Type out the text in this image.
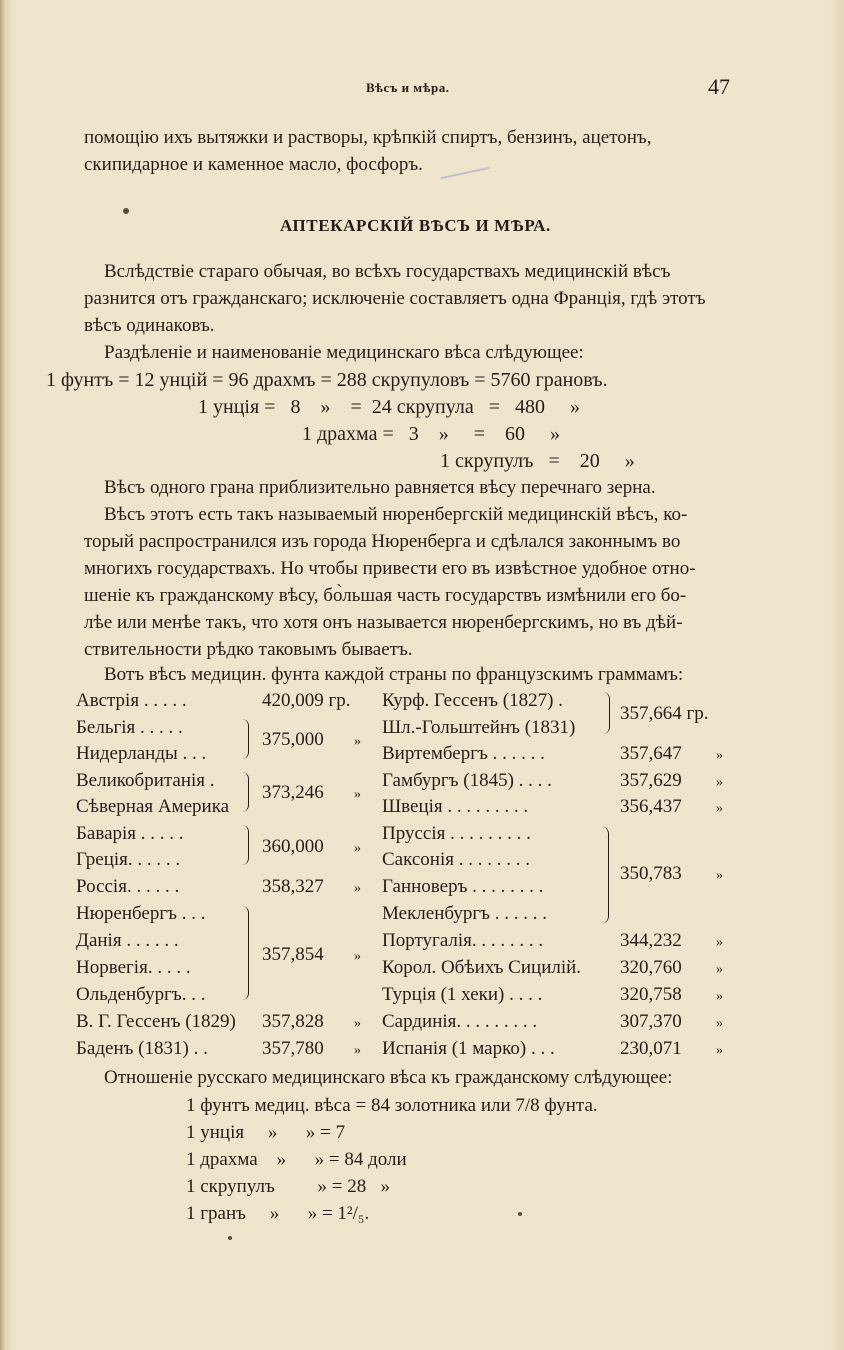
Вѣсъ и мѣра.	47
помощію ихъ вытяжки и растворы, крѣпкій спиртъ, бензинъ, ацетонъ,
скипидарное и каменное масло, фосфоръ.
АПТЕКАРСКІЙ ВѢСЪ И МѢРА.
Вслѣдствіе стараго обычая, во всѣхъ государствахъ медицинскій вѣсъ
разнится отъ гражданскаго; исключеніе составляетъ одна Франція, гдѣ этотъ
вѣсъ одинаковъ.
Раздѣленіе и наименованіе медицинскаго вѣса слѣдующее:
1 фунтъ = 12 унцій = 96 драхмъ = 288 скрупуловъ = 5760 грановъ.
1 унція =   8    »    =  24 скрупула   =   480     »
1 драхма =   3    »     =    60     »
1 скрупулъ   =    20     »
Вѣсъ одного грана приблизительно равняется вѣсу перечнаго зерна.
Вѣсъ этотъ есть такъ называемый нюренбергскій медицинскій вѣсъ, ко-
торый распространился изъ города Нюренберга и сдѣлался законнымъ во
многихъ государствахъ. Но чтобы привести его въ извѣстное удобное отно-
шеніе къ гражданскому вѣсу, бо̀льшая часть государствъ измѣнили его бо-
лѣе или менѣе такъ, что хотя онъ называется нюренбергскимъ, но въ дѣй-
ствительности рѣдко таковымъ бываетъ.
Вотъ вѣсъ медицин. фунта каждой страны по французскимъ граммамъ:
Австрія . . . . .
Бельгія . . . . .
Нидерланды . . .
Великобританія .
Сѣверная Америка
Баварія . . . . .
Греція. . . . . .
Россія. . . . . .
Нюренбергъ . . .
Данія . . . . . .
Норвегія. . . . .
Ольденбургъ. . .
В. Г. Гессенъ (1829)
Баденъ (1831) . .
420,009 гр.
375,000
373,246
360,000
358,327
357,854
357,828
357,780
»
»
»
»
»
»
»
Курф. Гессенъ (1827) .
Шл.-Гольштейнъ (1831)
Виртембергъ . . . . . .
Гамбургъ (1845) . . . .
Швеція . . . . . . . . .
Пруссія . . . . . . . . .
Саксонія . . . . . . . .
Ганноверъ . . . . . . . .
Мекленбургъ . . . . . .
Португалія. . . . . . . .
Корол. Обѣихъ Сицилій.
Турція (1 хеки) . . . .
Сардинія. . . . . . . . .
Испанія (1 марко) . . .
357,664 гр.
357,647
357,629
356,437
350,783
344,232
320,760
320,758
307,370
230,071
»
»
»
»
»
»
»
»
»
Отношеніе русскаго медицинскаго вѣса къ гражданскому слѣдующее:
1 фунтъ медиц. вѣса = 84 золотника или 7/8 фунта.
1 унція     »      » = 7
1 драхма    »      » = 84 доли
1 скрупулъ         » = 28   »
1 гранъ     »      » = 1²/₅.
